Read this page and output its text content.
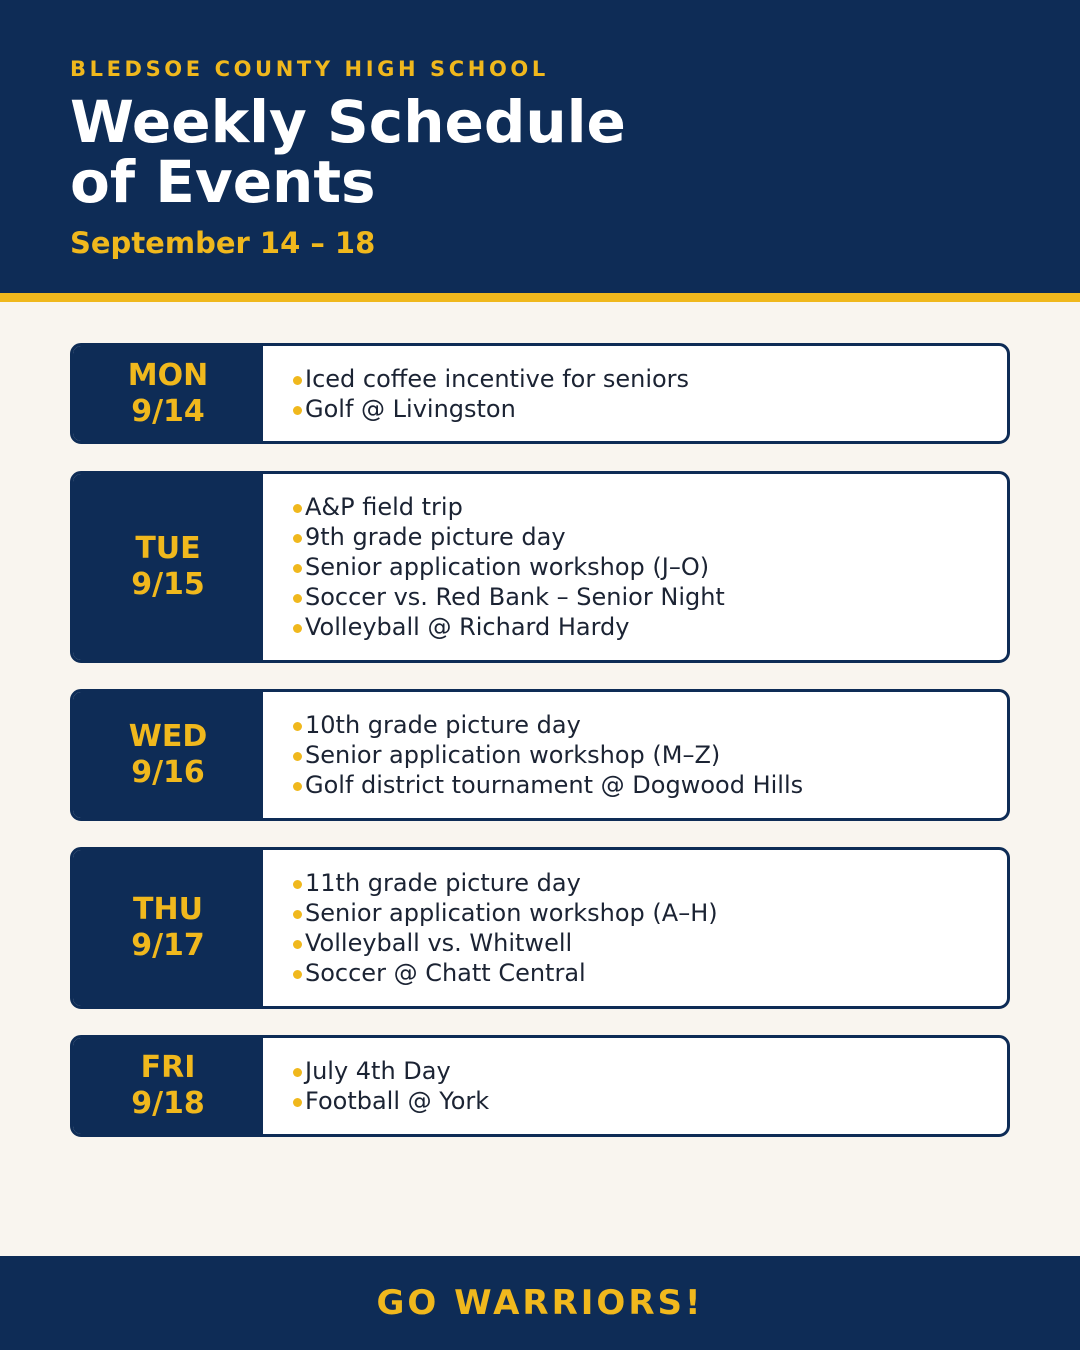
BLEDSOE COUNTY HIGH SCHOOL
Weekly Schedule
of Events
September 14 – 18
MON
9/14
Iced coffee incentive for seniors
Golf @ Livingston
TUE
9/15
A&P field trip
9th grade picture day
Senior application workshop (J–O)
Soccer vs. Red Bank – Senior Night
Volleyball @ Richard Hardy
WED
9/16
10th grade picture day
Senior application workshop (M–Z)
Golf district tournament @ Dogwood Hills
THU
9/17
11th grade picture day
Senior application workshop (A–H)
Volleyball vs. Whitwell
Soccer @ Chatt Central
FRI
9/18
July 4th Day
Football @ York
GO WARRIORS!
